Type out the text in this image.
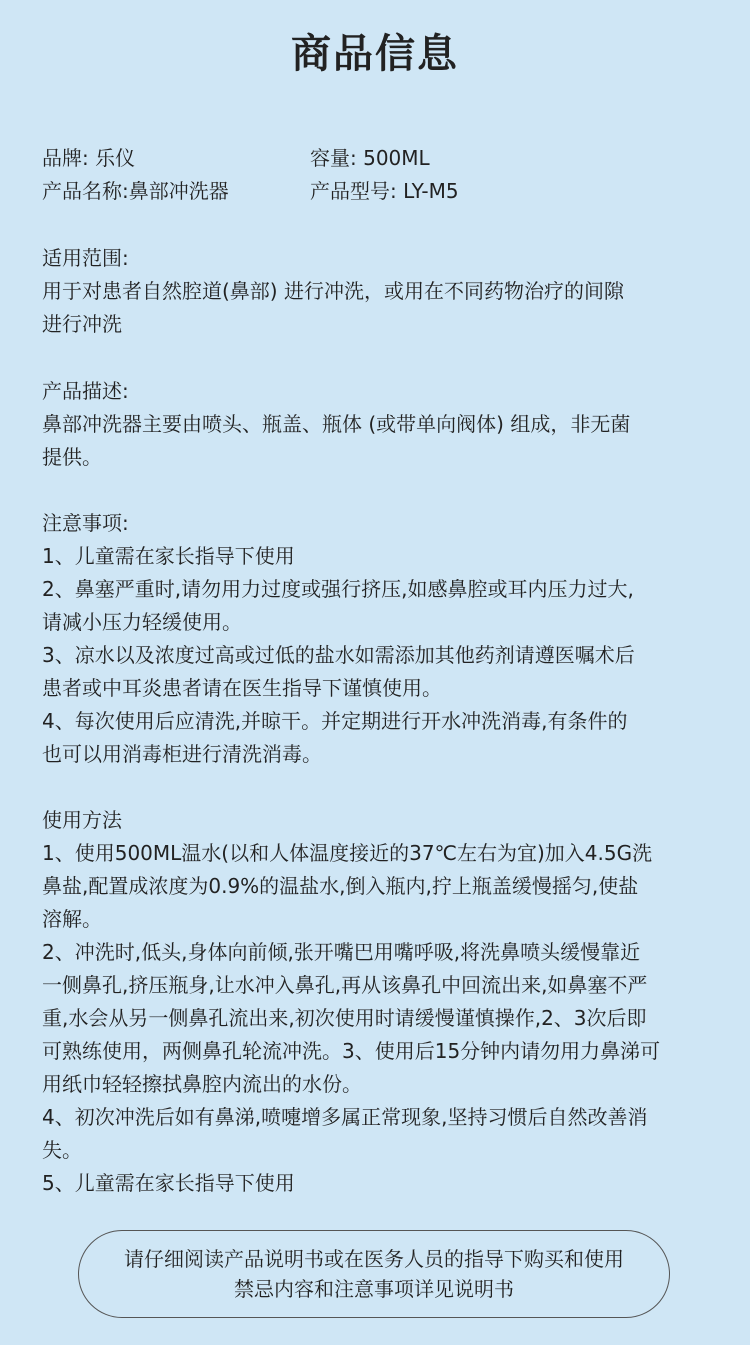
商品信息
品牌: 乐仪	容量: 500ML
产品名称:鼻部冲洗器	产品型号: LY-M5

适用范围:

用于对患者自然腔道(鼻部) 进行冲洗，或用在不同药物治疗的间隙

进行冲洗

产品描述:

鼻部冲洗器主要由喷头、瓶盖、瓶体 (或带单向阀体) 组成，非无菌

提供。

注意事项:

1、儿童需在家长指导下使用

2、鼻塞严重时,请勿用力过度或强行挤压,如感鼻腔或耳内压力过大,

请减小压力轻缓使用。

3、凉水以及浓度过高或过低的盐水如需添加其他药剂请遵医嘱术后

患者或中耳炎患者请在医生指导下谨慎使用。

4、每次使用后应清洗,并晾干。并定期进行开水冲洗消毒,有条件的

也可以用消毒柜进行清洗消毒。

使用方法

1、使用500ML温水(以和人体温度接近的37℃左右为宜)加入4.5G洗

鼻盐,配置成浓度为0.9%的温盐水,倒入瓶内,拧上瓶盖缓慢摇匀,使盐

溶解。

2、冲洗时,低头,身体向前倾,张开嘴巴用嘴呼吸,将洗鼻喷头缓慢靠近

一侧鼻孔,挤压瓶身,让水冲入鼻孔,再从该鼻孔中回流出来,如鼻塞不严

重,水会从另一侧鼻孔流出来,初次使用时请缓慢谨慎操作,2、3次后即

可熟练使用，两侧鼻孔轮流冲洗。3、使用后15分钟内请勿用力鼻涕可

用纸巾轻轻擦拭鼻腔内流出的水份。

4、初次冲洗后如有鼻涕,喷嚏增多属正常现象,坚持习惯后自然改善消

失。

5、儿童需在家长指导下使用

请仔细阅读产品说明书或在医务人员的指导下购买和使用

禁忌内容和注意事项详见说明书
